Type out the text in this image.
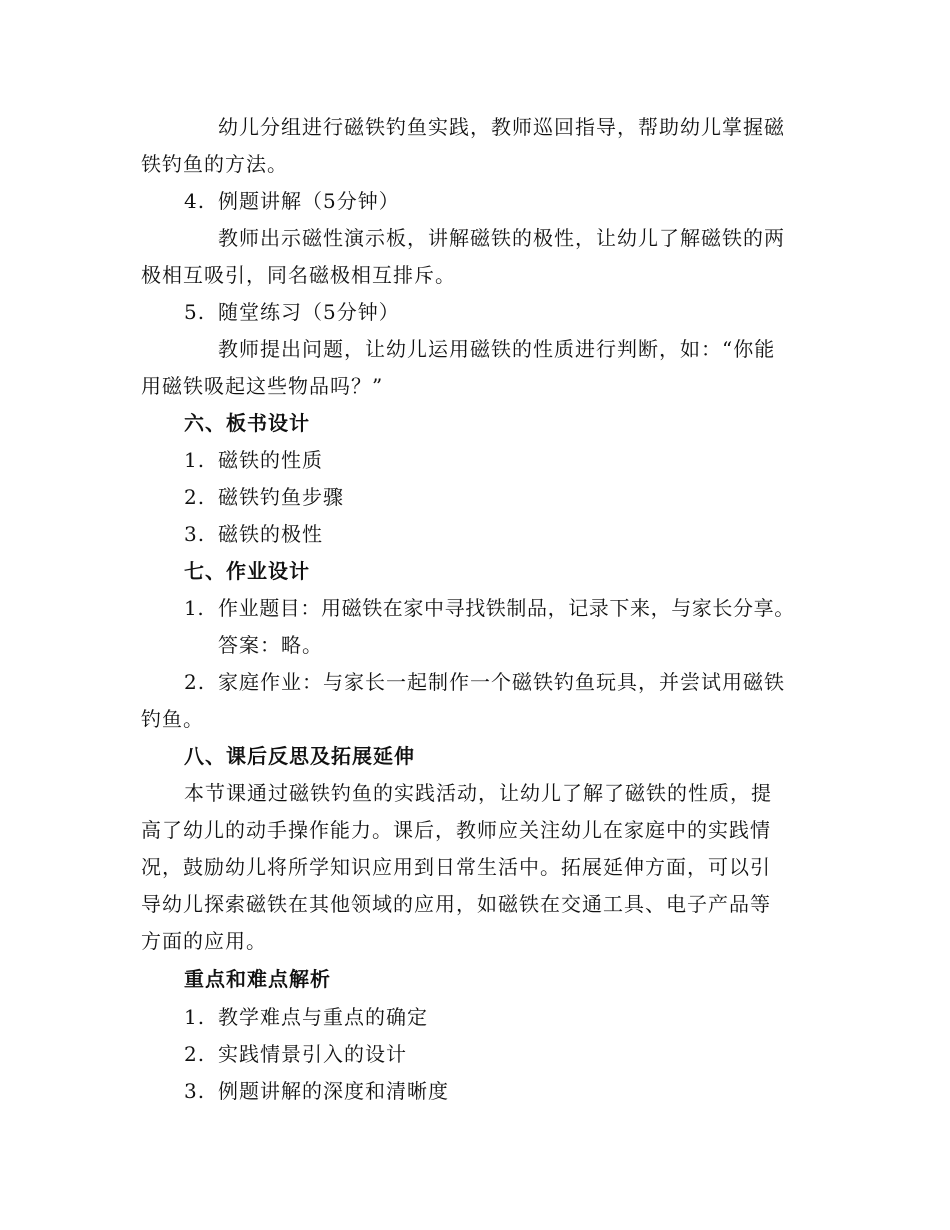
幼儿分组进行磁铁钓鱼实践，教师巡回指导，帮助幼儿掌握磁
铁钓鱼的方法。
4. 例题讲解（5分钟）
教师出示磁性演示板，讲解磁铁的极性，让幼儿了解磁铁的两
极相互吸引，同名磁极相互排斥。
5. 随堂练习（5分钟）
教师提出问题，让幼儿运用磁铁的性质进行判断，如：“你能
用磁铁吸起这些物品吗？”
六、板书设计
1. 磁铁的性质
2. 磁铁钓鱼步骤
3. 磁铁的极性
七、作业设计
1. 作业题目：用磁铁在家中寻找铁制品，记录下来，与家长分享。
答案：略。
2. 家庭作业：与家长一起制作一个磁铁钓鱼玩具，并尝试用磁铁
钓鱼。
八、课后反思及拓展延伸
本节课通过磁铁钓鱼的实践活动，让幼儿了解了磁铁的性质，提
高了幼儿的动手操作能力。课后，教师应关注幼儿在家庭中的实践情
况，鼓励幼儿将所学知识应用到日常生活中。拓展延伸方面，可以引
导幼儿探索磁铁在其他领域的应用，如磁铁在交通工具、电子产品等
方面的应用。
重点和难点解析
1. 教学难点与重点的确定
2. 实践情景引入的设计
3. 例题讲解的深度和清晰度
